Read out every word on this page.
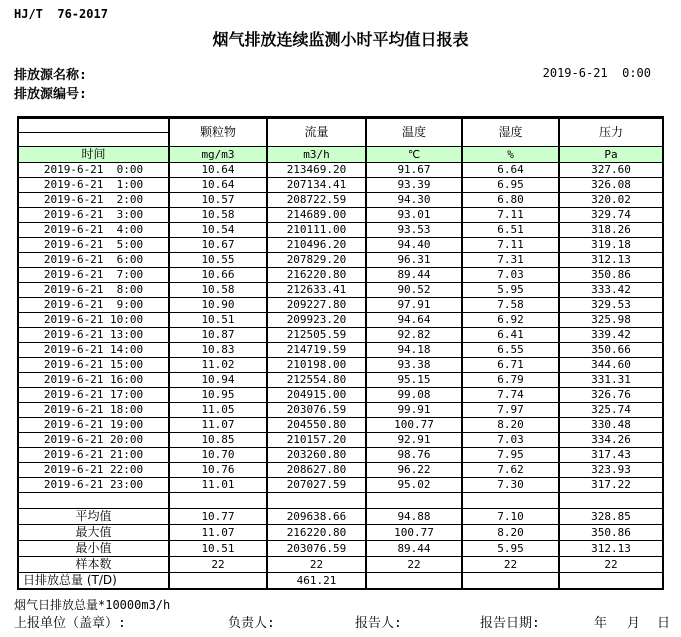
HJ/T  76-2017
烟气排放连续监测小时平均值日报表
排放源名称:
排放源编号:
2019-6-21  0:00
	颗粒物	流量	温度	湿度	压力

时间	mg/m3	m3/h	℃	%	Pa
2019-6-21  0:00	10.64	213469.20	91.67	6.64	327.60
2019-6-21  1:00	10.64	207134.41	93.39	6.95	326.08
2019-6-21  2:00	10.57	208722.59	94.30	6.80	320.02
2019-6-21  3:00	10.58	214689.00	93.01	7.11	329.74
2019-6-21  4:00	10.54	210111.00	93.53	6.51	318.26
2019-6-21  5:00	10.67	210496.20	94.40	7.11	319.18
2019-6-21  6:00	10.55	207829.20	96.31	7.31	312.13
2019-6-21  7:00	10.66	216220.80	89.44	7.03	350.86
2019-6-21  8:00	10.58	212633.41	90.52	5.95	333.42
2019-6-21  9:00	10.90	209227.80	97.91	7.58	329.53
2019-6-21 10:00	10.51	209923.20	94.64	6.92	325.98
2019-6-21 13:00	10.87	212505.59	92.82	6.41	339.42
2019-6-21 14:00	10.83	214719.59	94.18	6.55	350.66
2019-6-21 15:00	11.02	210198.00	93.38	6.71	344.60
2019-6-21 16:00	10.94	212554.80	95.15	6.79	331.31
2019-6-21 17:00	10.95	204915.00	99.08	7.74	326.76
2019-6-21 18:00	11.05	203076.59	99.91	7.97	325.74
2019-6-21 19:00	11.07	204550.80	100.77	8.20	330.48
2019-6-21 20:00	10.85	210157.20	92.91	7.03	334.26
2019-6-21 21:00	10.70	203260.80	98.76	7.95	317.43
2019-6-21 22:00	10.76	208627.80	96.22	7.62	323.93
2019-6-21 23:00	11.01	207027.59	95.02	7.30	317.22

平均值	10.77	209638.66	94.88	7.10	328.85
最大值	11.07	216220.80	100.77	8.20	350.86
最小值	10.51	203076.59	89.44	5.95	312.13
样本数	22	22	22	22	22
日排放总量 (T/D)		461.21			
烟气日排放总量*10000m3/h
上报单位（盖章）:	负责人:	报告人:	报告日期:	年 月 日
